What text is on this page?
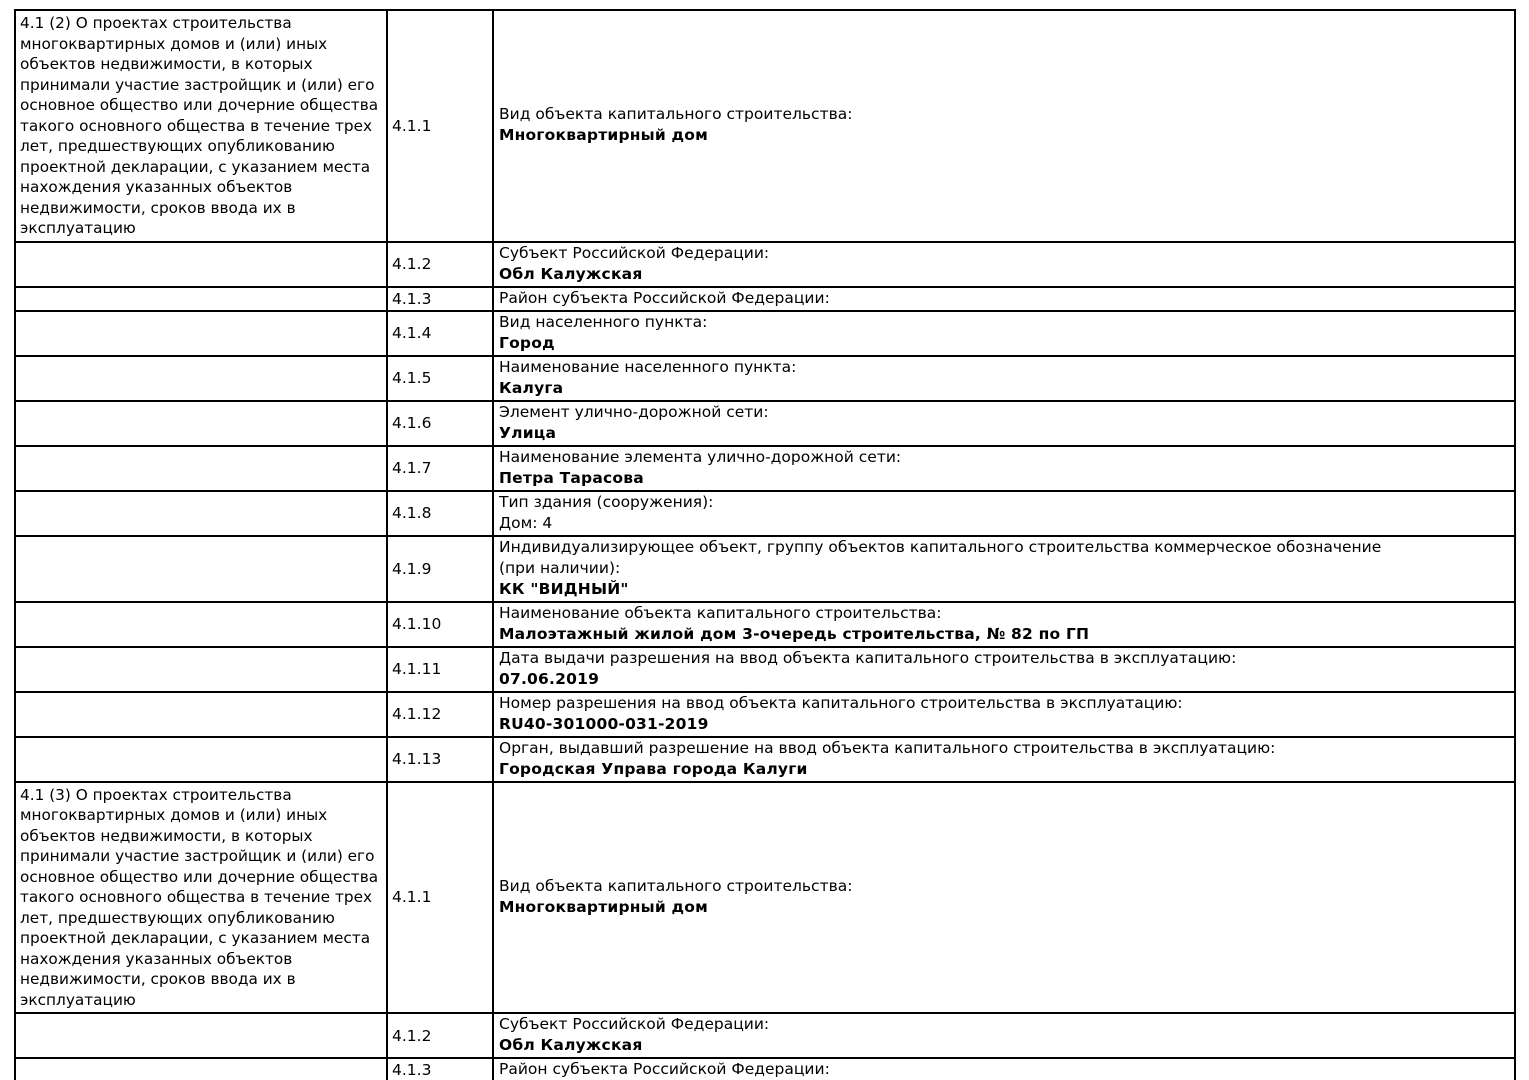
4.1 (2) О проектах строительства многоквартирных домов и (или) иных объектов недвижимости, в которых принимали участие застройщик и (или) его основное общество или дочерние общества такого основного общества в течение трех лет, предшествующих опубликованию проектной декларации, с указанием места нахождения указанных объектов недвижимости, сроков ввода их в эксплуатацию	4.1.1	Вид объекта капитального строительства:
Многоквартирный дом

	4.1.2	Субъект Российской Федерации:
Обл Калужская

	4.1.3	Район субъекта Российской Федерации:

	4.1.4	Вид населенного пункта:
Город

	4.1.5	Наименование населенного пункта:
Калуга

	4.1.6	Элемент улично-дорожной сети:
Улица

	4.1.7	Наименование элемента улично-дорожной сети:
Петра Тарасова

	4.1.8	Тип здания (сооружения):
Дом: 4

	4.1.9	Индивидуализирующее объект, группу объектов капитального строительства коммерческое обозначение (при наличии):
КК "ВИДНЫЙ"

	4.1.10	Наименование объекта капитального строительства:
Малоэтажный жилой дом 3-очередь строительства, № 82 по ГП

	4.1.11	Дата выдачи разрешения на ввод объекта капитального строительства в эксплуатацию:
07.06.2019

	4.1.12	Номер разрешения на ввод объекта капитального строительства в эксплуатацию:
RU40-301000-031-2019

	4.1.13	Орган, выдавший разрешение на ввод объекта капитального строительства в эксплуатацию:
Городская Управа города Калуги

4.1 (3) О проектах строительства многоквартирных домов и (или) иных объектов недвижимости, в которых принимали участие застройщик и (или) его основное общество или дочерние общества такого основного общества в течение трех лет, предшествующих опубликованию проектной декларации, с указанием места нахождения указанных объектов недвижимости, сроков ввода их в эксплуатацию	4.1.1	Вид объекта капитального строительства:
Многоквартирный дом

	4.1.2	Субъект Российской Федерации:
Обл Калужская

	4.1.3	Район субъекта Российской Федерации:
